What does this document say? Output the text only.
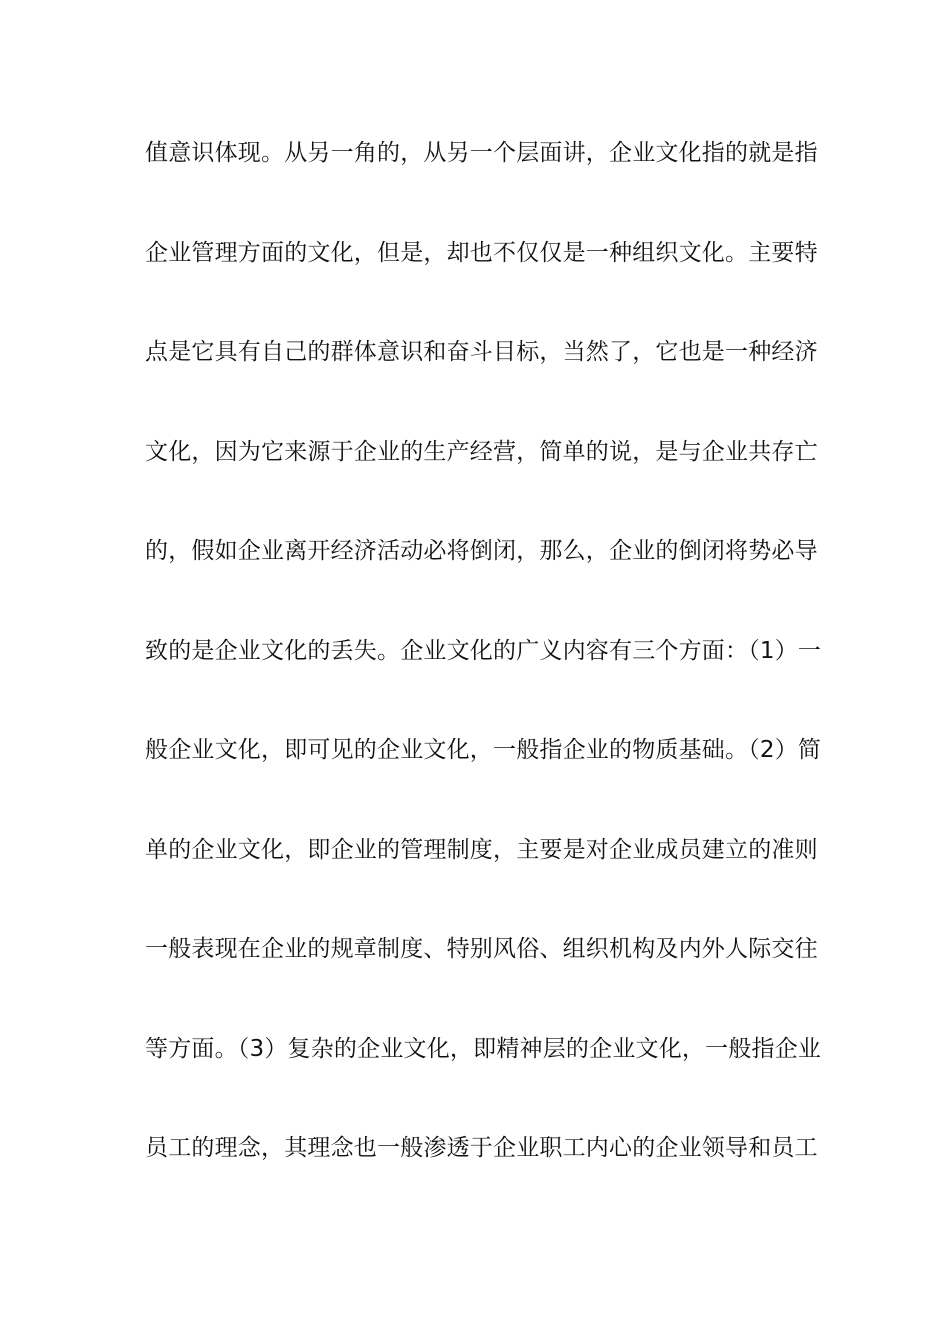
值意识体现。从另一角的，从另一个层面讲，企业文化指的就是指
企业管理方面的文化，但是，却也不仅仅是一种组织文化。主要特
点是它具有自己的群体意识和奋斗目标，当然了，它也是一种经济
文化，因为它来源于企业的生产经营，简单的说，是与企业共存亡
的，假如企业离开经济活动必将倒闭，那么，企业的倒闭将势必导
致的是企业文化的丢失。企业文化的广义内容有三个方面：（1）一
般企业文化，即可见的企业文化，一般指企业的物质基础。（2）简
单的企业文化，即企业的管理制度，主要是对企业成员建立的准则
一般表现在企业的规章制度、特别风俗、组织机构及内外人际交往
等方面。（3）复杂的企业文化，即精神层的企业文化，一般指企业
员工的理念，其理念也一般渗透于企业职工内心的企业领导和员工
